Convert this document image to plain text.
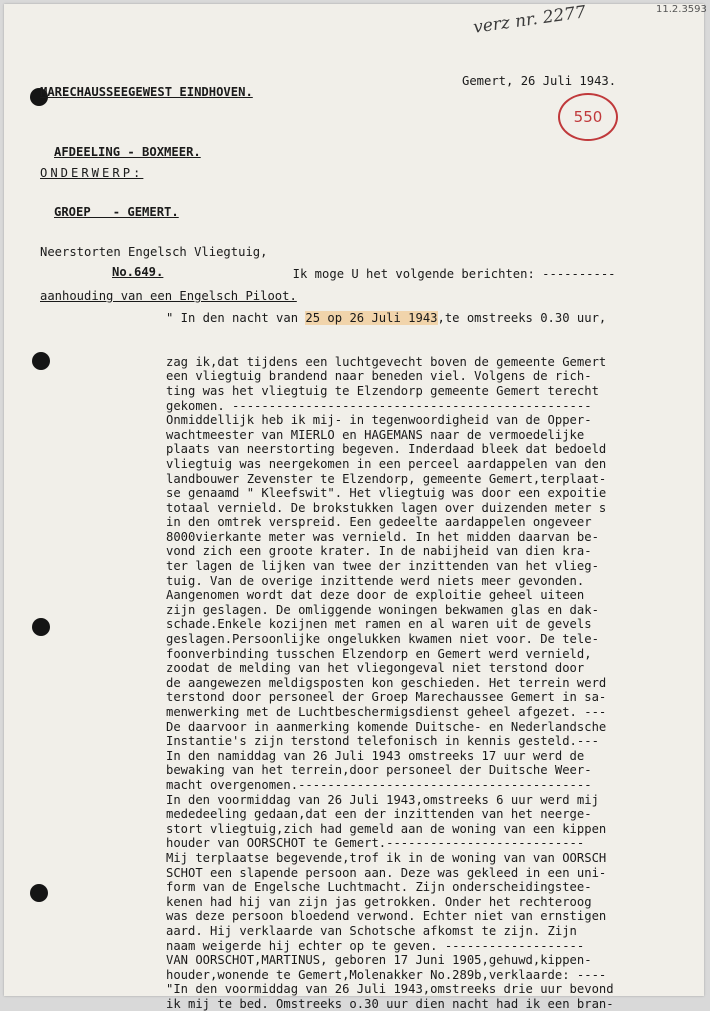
11.2.3593
verz nr. 2277
550

MARECHAUSSEEGEWEST EINDHOVEN.

AFDEELING - BOXMEER.

GROEP   - GEMERT.

No.649.

Gemert, 26 Juli 1943.

ONDERWERP:

Neerstorten Engelsch Vliegtuig,

aanhouding van een Engelsch Piloot.

Ik moge U het volgende berichten: ----------

" In den nacht van 25 op 26 Juli 1943,te omstreeks 0.30 uur,

zag ik,dat tijdens een luchtgevecht boven de gemeente Gemert
een vliegtuig brandend naar beneden viel. Volgens de rich-
ting was het vliegtuig te Elzendorp gemeente Gemert terecht
gekomen. -------------------------------------------------
Onmiddellijk heb ik mij- in tegenwoordigheid van de Opper-
wachtmeester van MIERLO en HAGEMANS naar de vermoedelijke
plaats van neerstorting begeven. Inderdaad bleek dat bedoeld
vliegtuig was neergekomen in een perceel aardappelen van den
landbouwer Zevenster te Elzendorp, gemeente Gemert,terplaat-
se genaamd " Kleefswit". Het vliegtuig was door een expoitie
totaal vernield. De brokstukken lagen over duizenden meter s
in den omtrek verspreid. Een gedeelte aardappelen ongeveer
8000vierkante meter was vernield. In het midden daarvan be-
vond zich een groote krater. In de nabijheid van dien kra-
ter lagen de lijken van twee der inzittenden van het vlieg-
tuig. Van de overige inzittende werd niets meer gevonden.
Aangenomen wordt dat deze door de exploitie geheel uiteen
zijn geslagen. De omliggende woningen bekwamen glas en dak-
schade.Enkele kozijnen met ramen en al waren uit de gevels
geslagen.Persoonlijke ongelukken kwamen niet voor. De tele-
foonverbinding tusschen Elzendorp en Gemert werd vernield,
zoodat de melding van het vliegongeval niet terstond door
de aangewezen meldigsposten kon geschieden. Het terrein werd
terstond door personeel der Groep Marechaussee Gemert in sa-
menwerking met de Luchtbeschermigsdienst geheel afgezet. ---
De daarvoor in aanmerking komende Duitsche- en Nederlandsche
Instantie's zijn terstond telefonisch in kennis gesteld.---
In den namiddag van 26 Juli 1943 omstreeks 17 uur werd de
bewaking van het terrein,door personeel der Duitsche Weer-
macht overgenomen.----------------------------------------
In den voormiddag van 26 Juli 1943,omstreeks 6 uur werd mij
mededeeling gedaan,dat een der inzittenden van het neerge-
stort vliegtuig,zich had gemeld aan de woning van een kippen
houder van OORSCHOT te Gemert.---------------------------
Mij terplaatse begevende,trof ik in de woning van van OORSCH
SCHOT een slapende persoon aan. Deze was gekleed in een uni-
form van de Engelsche Luchtmacht. Zijn onderscheidingstee-
kenen had hij van zijn jas getrokken. Onder het rechteroog
was deze persoon bloedend verwond. Echter niet van ernstigen
aard. Hij verklaarde van Schotsche afkomst te zijn. Zijn
naam weigerde hij echter op te geven. -------------------
VAN OORSCHOT,MARTINUS, geboren 17 Juni 1905,gehuwd,kippen-
houder,wonende te Gemert,Molenakker No.289b,verklaarde: ----
"In den voormiddag van 26 Juli 1943,omstreeks drie uur bevond
ik mij te bed. Omstreeks o.30 uur dien nacht had ik een bran-
